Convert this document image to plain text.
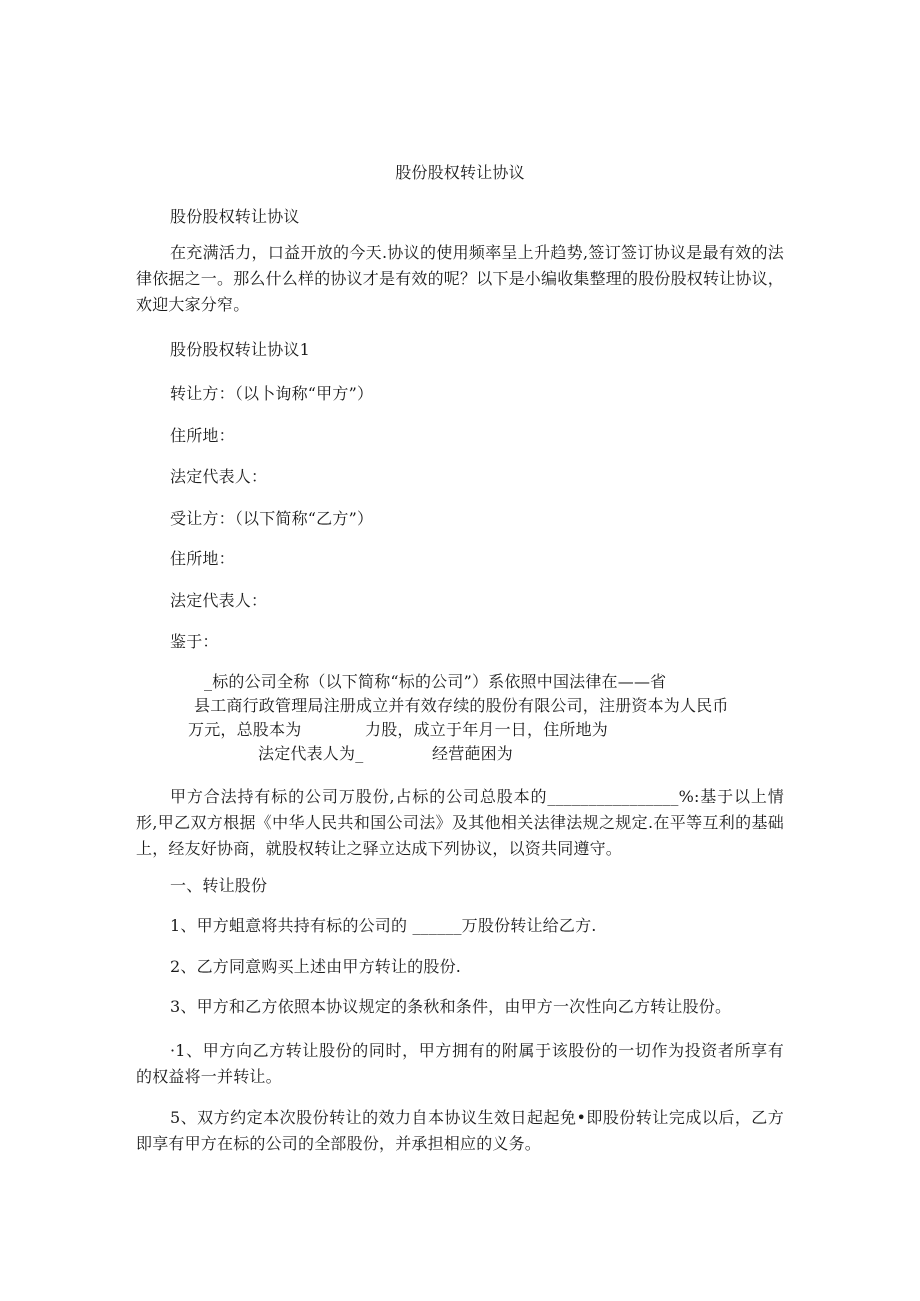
股份股权转让协议
股份股权转让协议
在充满活力，口益开放的今天.协议的使用频率呈上升趋势,签订签订协议是最有效的法律依据之一。那么什么样的协议才是有效的呢？以下是小编收集整理的股份股权转让协议，欢迎大家分窄。
股份股权转让协议1
转让方：（以卜询称“甲方”）
住所地：
法定代表人：
受让方：（以下简称“乙方”）
住所地：
法定代表人：
鉴于：
_标的公司全称（以下简称“标的公司”）系依照中国法律在——省
县工商行政管理局注册成立并有效存续的股份有限公司，注册资本为人民币
万元，总股本为	力股，成立于年月一日，住所地为
法定代表人为_	经营葩困为
甲方合法持有标的公司万股份,占标的公司总股本的________________%:基于以上情形,甲乙双方根据《中华人民共和国公司法》及其他相关法律法规之规定.在平等互利的基础上，经友好协商，就股权转让之驿立达成下列协议，以资共同遵守。
一、转让股份
1、甲方蛆意将共持有标的公司的 ______万股份转让给乙方.
2、乙方同意购买上述由甲方转让的股份.
3、甲方和乙方依照本协议规定的条秋和条件，由甲方一次性向乙方转让股份。
·1、甲方向乙方转让股份的同时，甲方拥有的附属于该股份的一切作为投资者所享有的权益将一并转让。
5、双方约定本次股份转让的效力自本协议生效日起起免•即股份转让完成以后，乙方即享有甲方在标的公司的全部股份，并承担相应的义务。
